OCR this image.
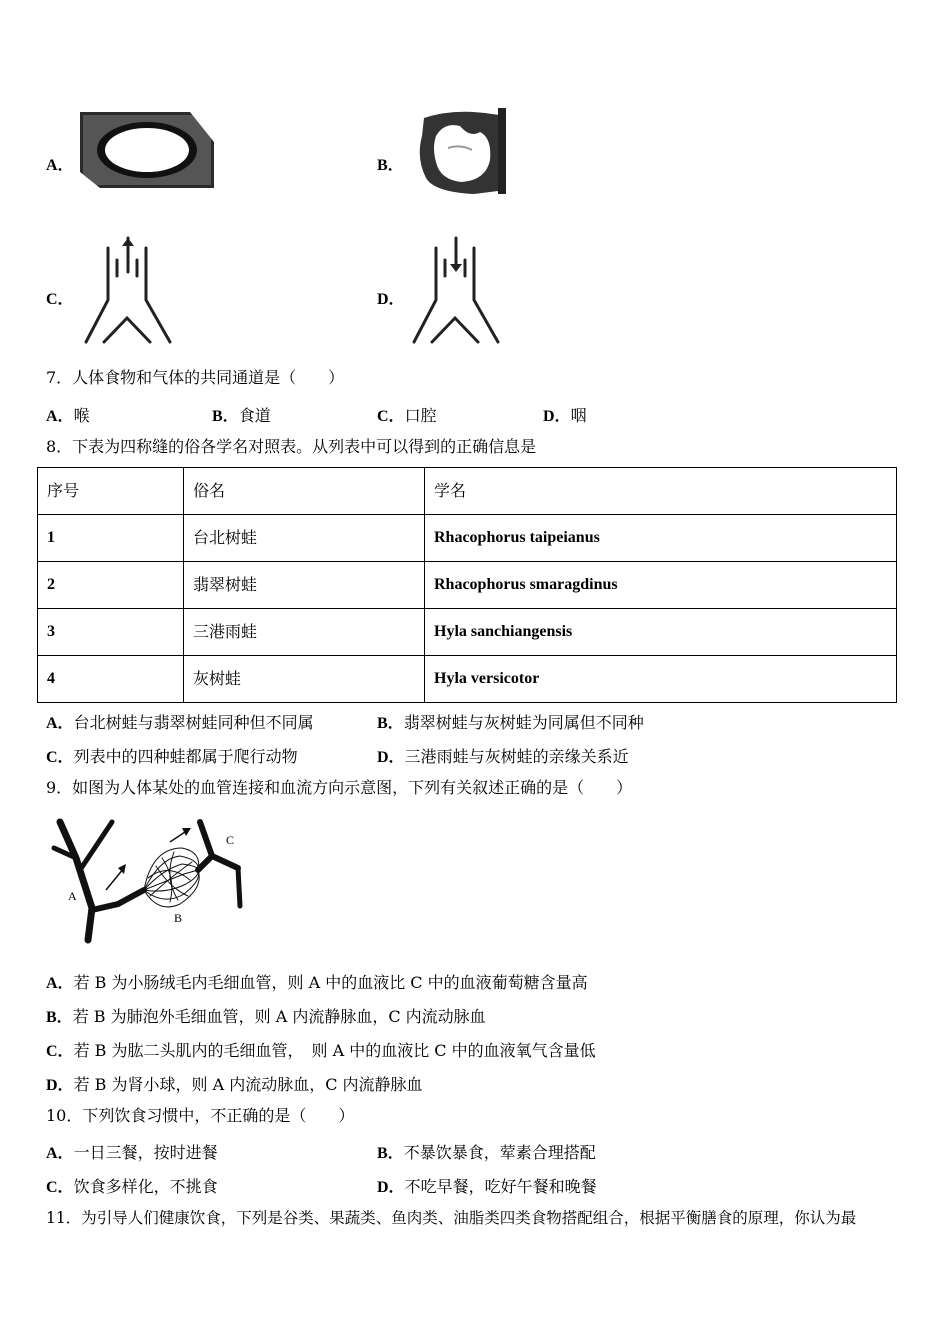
A．	B．
C．	D．
7．人体食物和气体的共同通道是（　　）
A．喉	B．食道	C．口腔	D．咽
8．下表为四称缝的俗各学名对照表。从列表中可以得到的正确信息是
序号	俗名	学名
1	台北树蛙	Rhacophorus taipeianus
2	翡翠树蛙	Rhacophorus smaragdinus
3	三港雨蛙	Hyla sanchiangensis
4	灰树蛙	Hyla versicotor
A．台北树蛙与翡翠树蛙同种但不同属	B．翡翠树蛙与灰树蛙为同属但不同种
C．列表中的四种蛙都属于爬行动物	D．三港雨蛙与灰树蛙的亲缘关系近
9．如图为人体某处的血管连接和血流方向示意图，下列有关叙述正确的是（　　）
A
B
C
A．若 B 为小肠绒毛内毛细血管，则 A 中的血液比 C 中的血液葡萄糖含量高
B．若 B 为肺泡外毛细血管，则 A 内流静脉血，C 内流动脉血
C．若 B 为肱二头肌内的毛细血管，　则 A 中的血液比 C 中的血液氧气含量低
D．若 B 为肾小球，则 A 内流动脉血，C 内流静脉血
10．下列饮食习惯中，不正确的是（　　）
A．一日三餐，按时进餐	B．不暴饮暴食，荤素合理搭配
C．饮食多样化，不挑食	D．不吃早餐，吃好午餐和晚餐
11．为引导人们健康饮食，下列是谷类、果蔬类、鱼肉类、油脂类四类食物搭配组合，根据平衡膳食的原理，你认为最
